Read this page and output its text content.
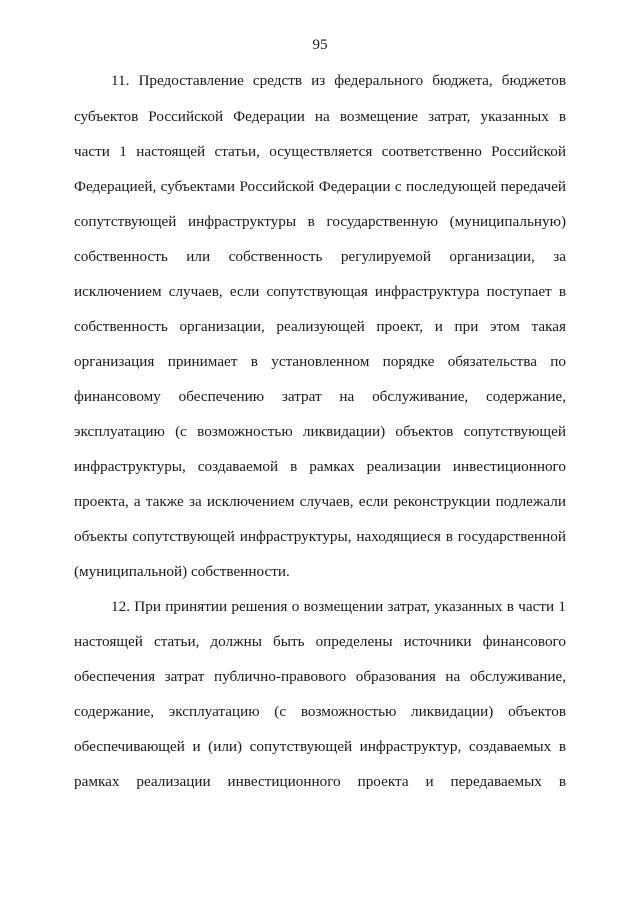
95
11. Предоставление средств из федерального бюджета, бюджетов
субъектов Российской Федерации на возмещение затрат, указанных в
части 1 настоящей статьи, осуществляется соответственно Российской
Федерацией, субъектами Российской Федерации с последующей передачей
сопутствующей инфраструктуры в государственную (муниципальную)
собственность или собственность регулируемой организации, за
исключением случаев, если сопутствующая инфраструктура поступает в
собственность организации, реализующей проект, и при этом такая
организация принимает в установленном порядке обязательства по
финансовому обеспечению затрат на обслуживание, содержание,
эксплуатацию (с возможностью ликвидации) объектов сопутствующей
инфраструктуры, создаваемой в рамках реализации инвестиционного
проекта, а также за исключением случаев, если реконструкции подлежали
объекты сопутствующей инфраструктуры, находящиеся в государственной
(муниципальной) собственности.
12. При принятии решения о возмещении затрат, указанных в части 1
настоящей статьи, должны быть определены источники финансового
обеспечения затрат публично-правового образования на обслуживание,
содержание, эксплуатацию (с возможностью ликвидации) объектов
обеспечивающей и (или) сопутствующей инфраструктур, создаваемых в
рамках реализации инвестиционного проекта и передаваемых в
